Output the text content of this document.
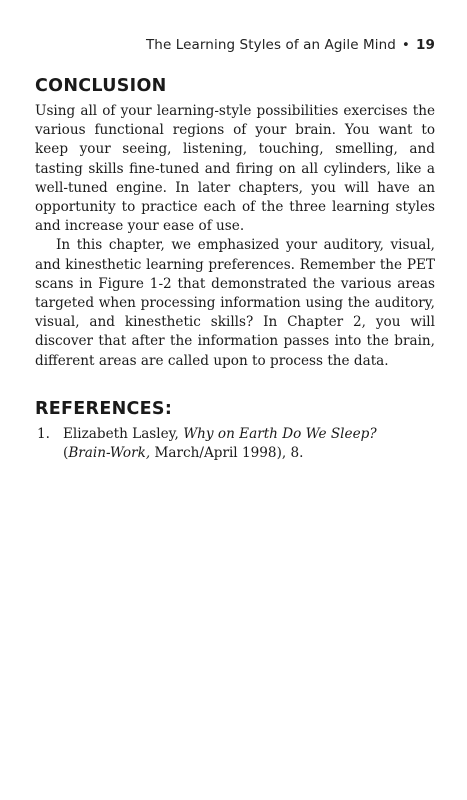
The Learning Styles of an Agile Mind • 19
CONCLUSION

Using all of your learning-style possibilities exercises the various functional regions of your brain. You want to keep your seeing, listening, touching, smelling, and tasting skills fine-tuned and firing on all cylinders, like a well-tuned engine. In later chapters, you will have an opportunity to practice each of the three learning styles and increase your ease of use.

In this chapter, we emphasized your auditory, visual, and kinesthetic learning preferences. Remember the PET scans in Figure 1-2 that demonstrated the various areas targeted when processing information using the auditory, visual, and kinesthetic skills? In Chapter 2, you will discover that after the information passes into the brain, different areas are called upon to process the data.

REFERENCES:
1. Elizabeth Lasley, Why on Earth Do We Sleep? (Brain-Work, March/April 1998), 8.
